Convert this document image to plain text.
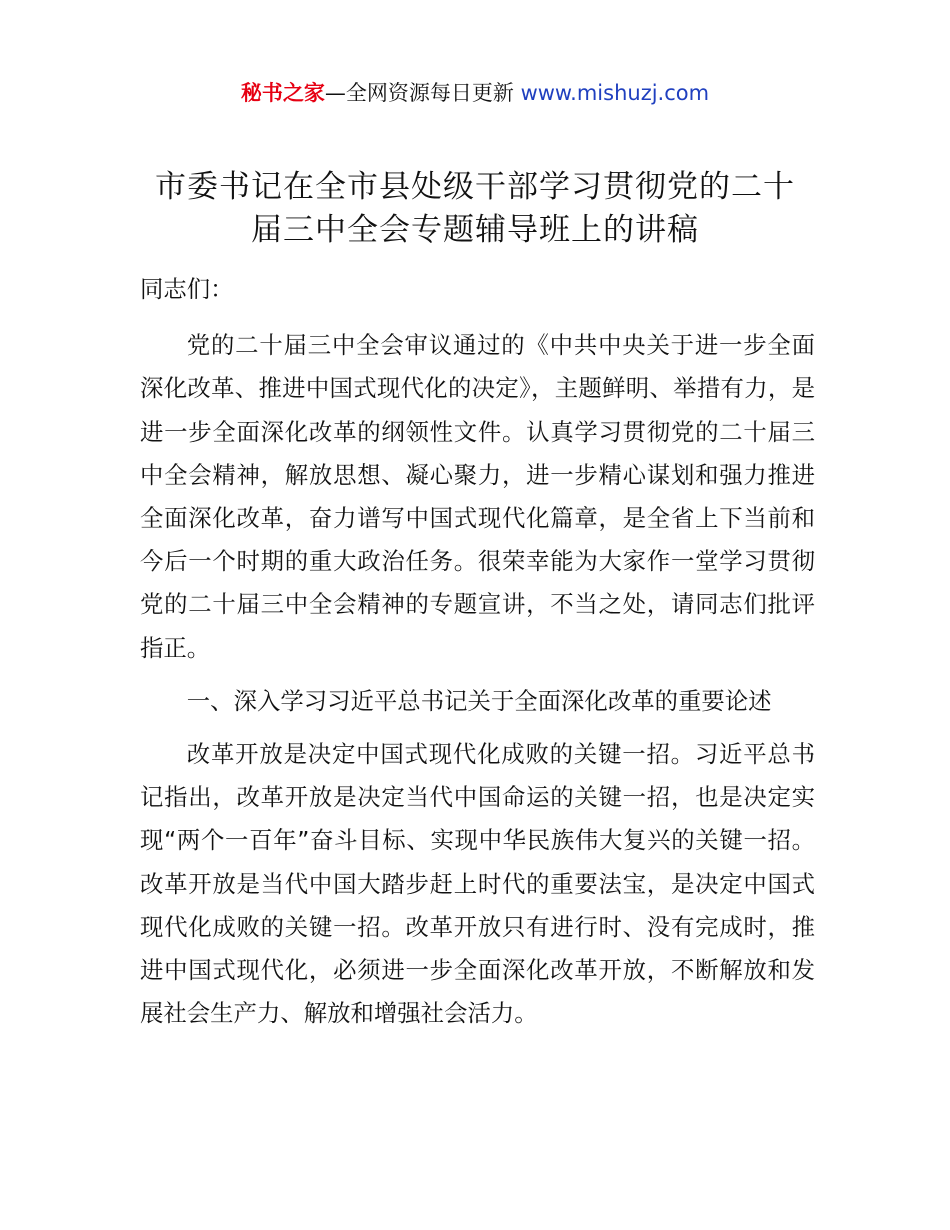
秘书之家—全网资源每日更新 www.mishuzj.com
市委书记在全市县处级干部学习贯彻党的二十
届三中全会专题辅导班上的讲稿

同志们：

党的二十届三中全会审议通过的《中共中央关于进一步全面深化改革、推进中国式现代化的决定》，主题鲜明、举措有力，是进一步全面深化改革的纲领性文件。认真学习贯彻党的二十届三中全会精神，解放思想、凝心聚力，进一步精心谋划和强力推进全面深化改革，奋力谱写中国式现代化篇章，是全省上下当前和今后一个时期的重大政治任务。很荣幸能为大家作一堂学习贯彻党的二十届三中全会精神的专题宣讲，不当之处，请同志们批评指正。

一、深入学习习近平总书记关于全面深化改革的重要论述

改革开放是决定中国式现代化成败的关键一招。习近平总书记指出，改革开放是决定当代中国命运的关键一招，也是决定实现“两个一百年”奋斗目标、实现中华民族伟大复兴的关键一招。改革开放是当代中国大踏步赶上时代的重要法宝，是决定中国式现代化成败的关键一招。改革开放只有进行时、没有完成时，推进中国式现代化，必须进一步全面深化改革开放，不断解放和发展社会生产力、解放和增强社会活力。
